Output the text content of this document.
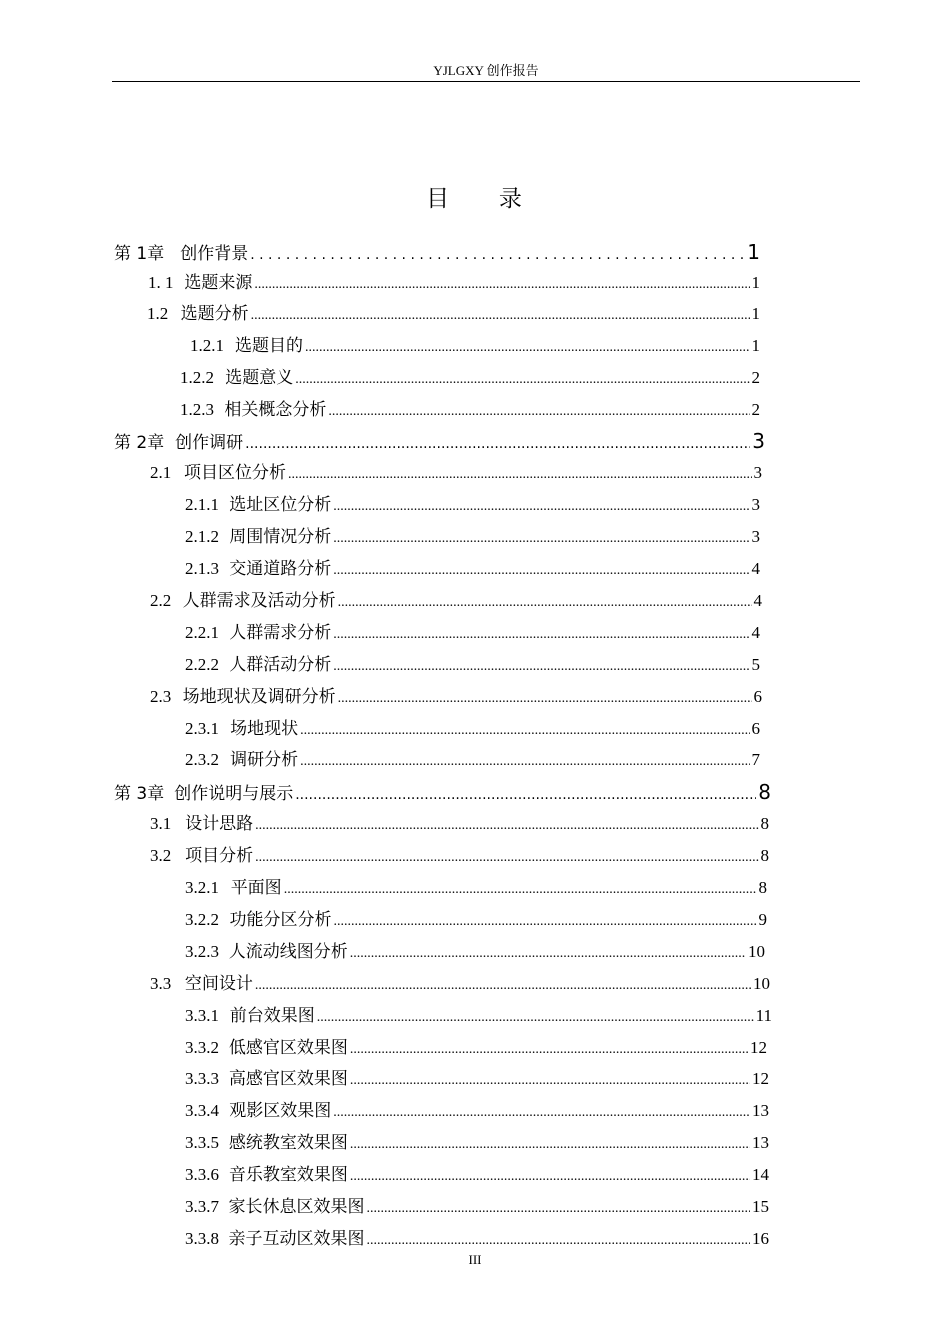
YJLGXY 创作报告
目 录
第 1章 创作背景 . . .	1
1. 1 选题来源 .....	1
1.2 选题分析 .....	1
1.2.1 选题目的 .....	1
1.2.2 选题意义 .....	2
1.2.3 相关概念分析 .....	2
第 2章 创作调研 .....	3
2.1 项目区位分析 .....	3
2.1.1 选址区位分析 .....	3
2.1.2 周围情况分析 .....	3
2.1.3 交通道路分析 .....	4
2.2 人群需求及活动分析 .....	4
2.2.1 人群需求分析 .....	4
2.2.2 人群活动分析 .....	5
2.3 场地现状及调研分析 .....	6
2.3.1 场地现状 .....	6
2.3.2 调研分析 .....	7
第 3章 创作说明与展示 .....	8
3.1 设计思路 .....	8
3.2 项目分析 .....	8
3.2.1 平面图 .....	8
3.2.2 功能分区分析 .....	9
3.2.3 人流动线图分析 .....	10
3.3 空间设计 .....	10
3.3.1 前台效果图 .....	11
3.3.2 低感官区效果图 .....	12
3.3.3 高感官区效果图 .....	12
3.3.4 观影区效果图 .....	13
3.3.5 感统教室效果图 .....	13
3.3.6 音乐教室效果图 .....	14
3.3.7 家长休息区效果图 .....	15
3.3.8 亲子互动区效果图 .....	16
III
